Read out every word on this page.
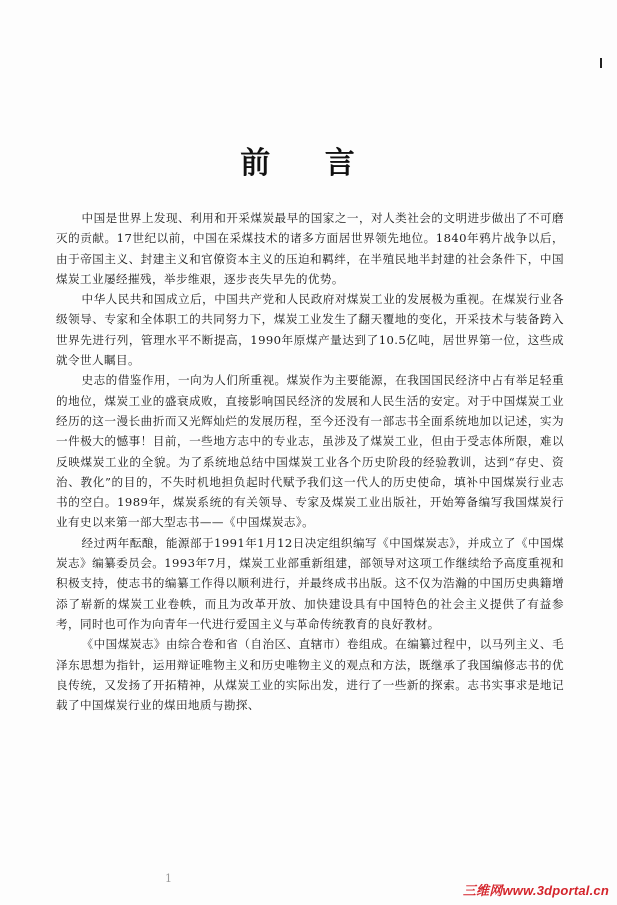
前 言

中国是世界上发现、利用和开采煤炭最早的国家之一，对人类社会的文明进步做出了不可磨灭的贡献。17世纪以前，中国在采煤技术的诸多方面居世界领先地位。1840年鸦片战争以后，由于帝国主义、封建主义和官僚资本主义的压迫和羁绊，在半殖民地半封建的社会条件下，中国煤炭工业屡经摧残，举步维艰，逐步丧失早先的优势。

中华人民共和国成立后，中国共产党和人民政府对煤炭工业的发展极为重视。在煤炭行业各级领导、专家和全体职工的共同努力下，煤炭工业发生了翻天覆地的变化，开采技术与装备跨入世界先进行列，管理水平不断提高，1990年原煤产量达到了10.5亿吨，居世界第一位，这些成就令世人瞩目。

史志的借鉴作用，一向为人们所重视。煤炭作为主要能源，在我国国民经济中占有举足轻重的地位，煤炭工业的盛衰成败，直接影响国民经济的发展和人民生活的安定。对于中国煤炭工业经历的这一漫长曲折而又光辉灿烂的发展历程，至今还没有一部志书全面系统地加以记述，实为一件极大的憾事！目前，一些地方志中的专业志，虽涉及了煤炭工业，但由于受志体所限，难以反映煤炭工业的全貌。为了系统地总结中国煤炭工业各个历史阶段的经验教训，达到“存史、资治、教化”的目的，不失时机地担负起时代赋予我们这一代人的历史使命，填补中国煤炭行业志书的空白。1989年，煤炭系统的有关领导、专家及煤炭工业出版社，开始筹备编写我国煤炭行业有史以来第一部大型志书——《中国煤炭志》。

经过两年酝酿，能源部于1991年1月12日决定组织编写《中国煤炭志》，并成立了《中国煤炭志》编纂委员会。1993年7月，煤炭工业部重新组建，部领导对这项工作继续给予高度重视和积极支持，使志书的编纂工作得以顺利进行，并最终成书出版。这不仅为浩瀚的中国历史典籍增添了崭新的煤炭工业卷帙，而且为改革开放、加快建设具有中国特色的社会主义提供了有益参考，同时也可作为向青年一代进行爱国主义与革命传统教育的良好教材。

《中国煤炭志》由综合卷和省（自治区、直辖市）卷组成。在编纂过程中，以马列主义、毛泽东思想为指针，运用辩证唯物主义和历史唯物主义的观点和方法，既继承了我国编修志书的优良传统，又发扬了开拓精神，从煤炭工业的实际出发，进行了一些新的探索。志书实事求是地记载了中国煤炭行业的煤田地质与勘探、

1
三维网www.3dportal.cn
